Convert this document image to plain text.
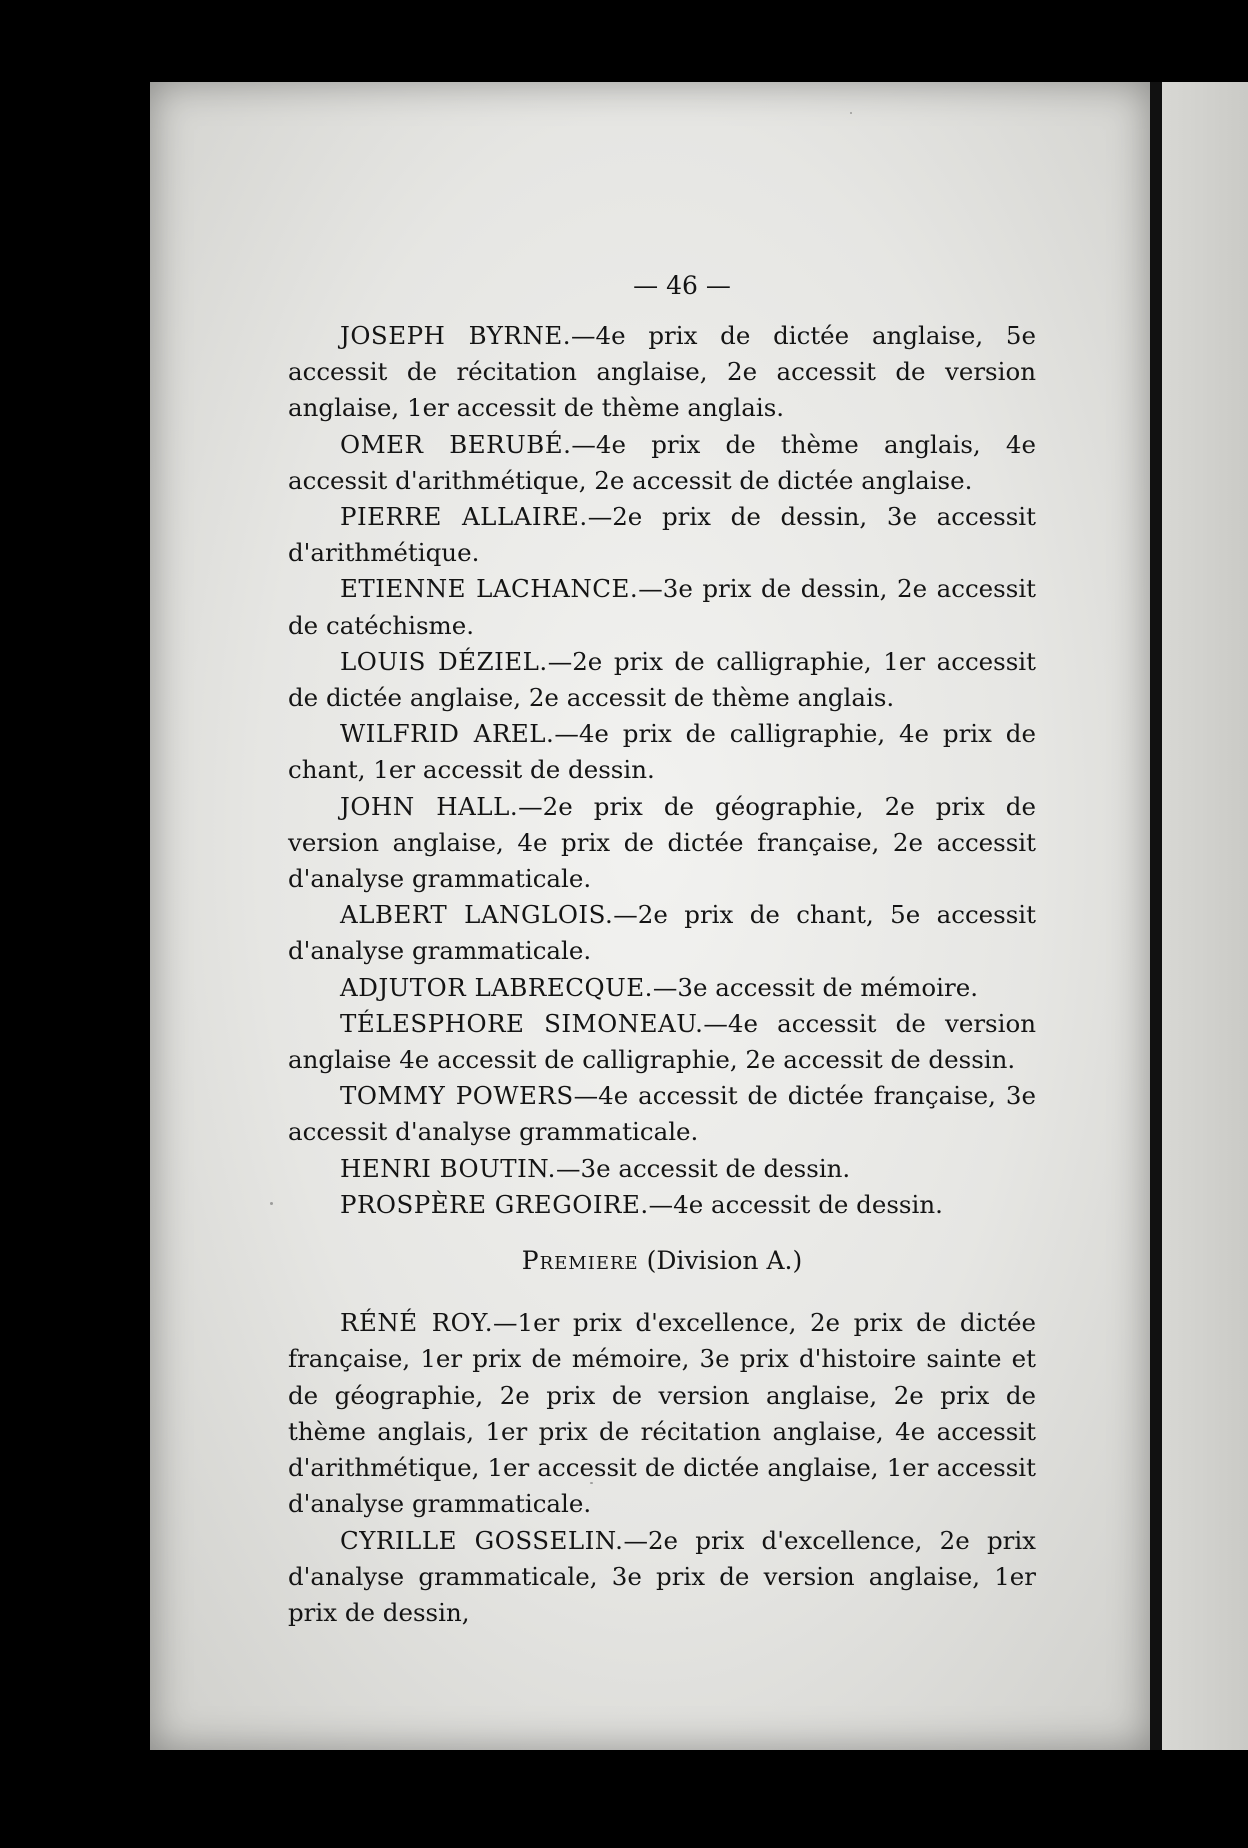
— 46 —

JOSEPH BYRNE.—4e prix de dictée anglaise, 5e accessit de récitation anglaise, 2e accessit de version anglaise, 1er accessit de thème anglais.

OMER BERUBÉ.—4e prix de thème anglais, 4e accessit d'arithmétique, 2e accessit de dictée anglaise.

PIERRE ALLAIRE.—2e prix de dessin, 3e accessit d'arithmétique.

ETIENNE LACHANCE.—3e prix de dessin, 2e accessit de catéchisme.

LOUIS DÉZIEL.—2e prix de calligraphie, 1er accessit de dictée anglaise, 2e accessit de thème anglais.

WILFRID AREL.—4e prix de calligraphie, 4e prix de chant, 1er accessit de dessin.

JOHN HALL.—2e prix de géographie, 2e prix de version anglaise, 4e prix de dictée française, 2e accessit d'analyse grammaticale.

ALBERT LANGLOIS.—2e prix de chant, 5e accessit d'analyse grammaticale.

ADJUTOR LABRECQUE.—3e accessit de mémoire.

TÉLESPHORE SIMONEAU.—4e accessit de version anglaise 4e accessit de calligraphie, 2e accessit de dessin.

TOMMY POWERS—4e accessit de dictée française, 3e accessit d'analyse grammaticale.

HENRI BOUTIN.—3e accessit de dessin.

PROSPÈRE GREGOIRE.—4e accessit de dessin.

Premiere (Division A.)

RÉNÉ ROY.—1er prix d'excellence, 2e prix de dictée française, 1er prix de mémoire, 3e prix d'histoire sainte et de géographie, 2e prix de version anglaise, 2e prix de thème anglais, 1er prix de récitation anglaise, 4e accessit d'arithmétique, 1er accessit de dictée anglaise, 1er accessit d'analyse grammaticale.

CYRILLE GOSSELIN.—2e prix d'excellence, 2e prix d'analyse grammaticale, 3e prix de version anglaise, 1er prix de dessin,
